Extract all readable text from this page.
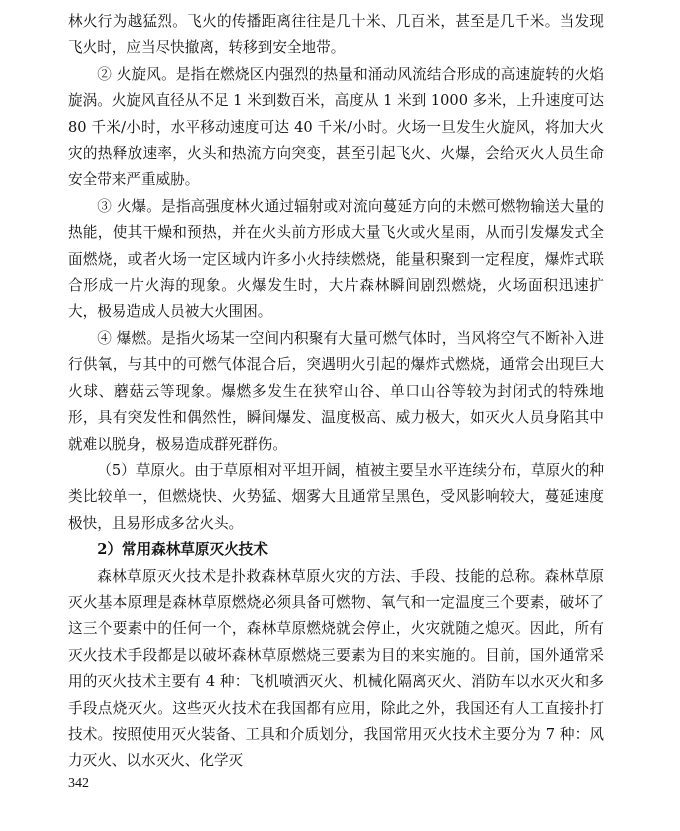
林火行为越猛烈。飞火的传播距离往往是几十米、几百米，甚至是几千米。当发现飞火时，应当尽快撤离，转移到安全地带。

② 火旋风。是指在燃烧区内强烈的热量和涌动风流结合形成的高速旋转的火焰旋涡。火旋风直径从不足 1 米到数百米，高度从 1 米到 1000 多米，上升速度可达 80 千米/小时，水平移动速度可达 40 千米/小时。火场一旦发生火旋风，将加大火灾的热释放速率，火头和热流方向突变，甚至引起飞火、火爆，会给灭火人员生命安全带来严重威胁。

③ 火爆。是指高强度林火通过辐射或对流向蔓延方向的未燃可燃物输送大量的热能，使其干燥和预热，并在火头前方形成大量飞火或火星雨，从而引发爆发式全面燃烧，或者火场一定区域内许多小火持续燃烧，能量积聚到一定程度，爆炸式联合形成一片火海的现象。火爆发生时，大片森林瞬间剧烈燃烧，火场面积迅速扩大，极易造成人员被大火围困。

④ 爆燃。是指火场某一空间内积聚有大量可燃气体时，当风将空气不断补入进行供氧，与其中的可燃气体混合后，突遇明火引起的爆炸式燃烧，通常会出现巨大火球、蘑菇云等现象。爆燃多发生在狭窄山谷、单口山谷等较为封闭式的特殊地形，具有突发性和偶然性，瞬间爆发、温度极高、威力极大，如灭火人员身陷其中就难以脱身，极易造成群死群伤。

（5）草原火。由于草原相对平坦开阔，植被主要呈水平连续分布，草原火的种类比较单一，但燃烧快、火势猛、烟雾大且通常呈黑色，受风影响较大，蔓延速度极快，且易形成多岔火头。

2）常用森林草原灭火技术

森林草原灭火技术是扑救森林草原火灾的方法、手段、技能的总称。森林草原灭火基本原理是森林草原燃烧必须具备可燃物、氧气和一定温度三个要素，破坏了这三个要素中的任何一个，森林草原燃烧就会停止，火灾就随之熄灭。因此，所有灭火技术手段都是以破坏森林草原燃烧三要素为目的来实施的。目前，国外通常采用的灭火技术主要有 4 种：飞机喷洒灭火、机械化隔离灭火、消防车以水灭火和多手段点烧灭火。这些灭火技术在我国都有应用，除此之外，我国还有人工直接扑打技术。按照使用灭火装备、工具和介质划分，我国常用灭火技术主要分为 7 种：风力灭火、以水灭火、化学灭

342
